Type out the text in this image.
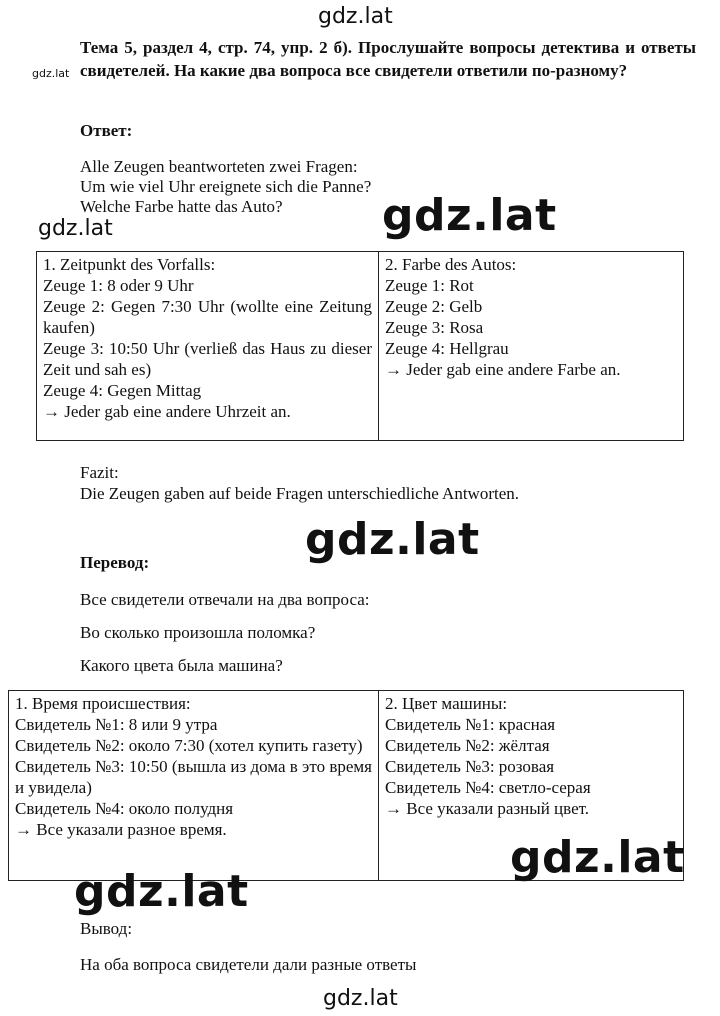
gdz.lat
gdz.lat
Тема 5, раздел 4, стр. 74, упр. 2 б). Прослушайте вопросы детектива и ответы свидетелей. На какие два вопроса все свидетели ответили по-разному?
Ответ:
Alle Zeugen beantworteten zwei Fragen:
Um wie viel Uhr ereignete sich die Panne?
Welche Farbe hatte das Auto? gdz.lat
gdz.lat
1. Zeitpunkt des Vorfalls:
Zeuge 1: 8 oder 9 Uhr
Zeuge 2: Gegen 7:30 Uhr (wollte eine Zeitung kaufen)
Zeuge 3: 10:50 Uhr (verließ das Haus zu dieser Zeit und sah es)
Zeuge 4: Gegen Mittag
→ Jeder gab eine andere Uhrzeit an.

2. Farbe des Autos:
Zeuge 1: Rot
Zeuge 2: Gelb
Zeuge 3: Rosa
Zeuge 4: Hellgrau
→ Jeder gab eine andere Farbe an.
Fazit:
Die Zeugen gaben auf beide Fragen unterschiedliche Antworten.
gdz.lat
Перевод:
Все свидетели отвечали на два вопроса:
Во сколько произошла поломка?
Какого цвета была машина?
1. Время происшествия:
Свидетель №1: 8 или 9 утра
Свидетель №2: около 7:30 (хотел купить газету)
Свидетель №3: 10:50 (вышла из дома в это время и увидела)
Свидетель №4: около полудня
→ Все указали разное время.

2. Цвет машины:
Свидетель №1: красная
Свидетель №2: жёлтая
Свидетель №3: розовая
Свидетель №4: светло-серая
→ Все указали разный цвет.
gdz.lat
gdz.lat
Вывод:
На оба вопроса свидетели дали разные ответы
gdz.lat
